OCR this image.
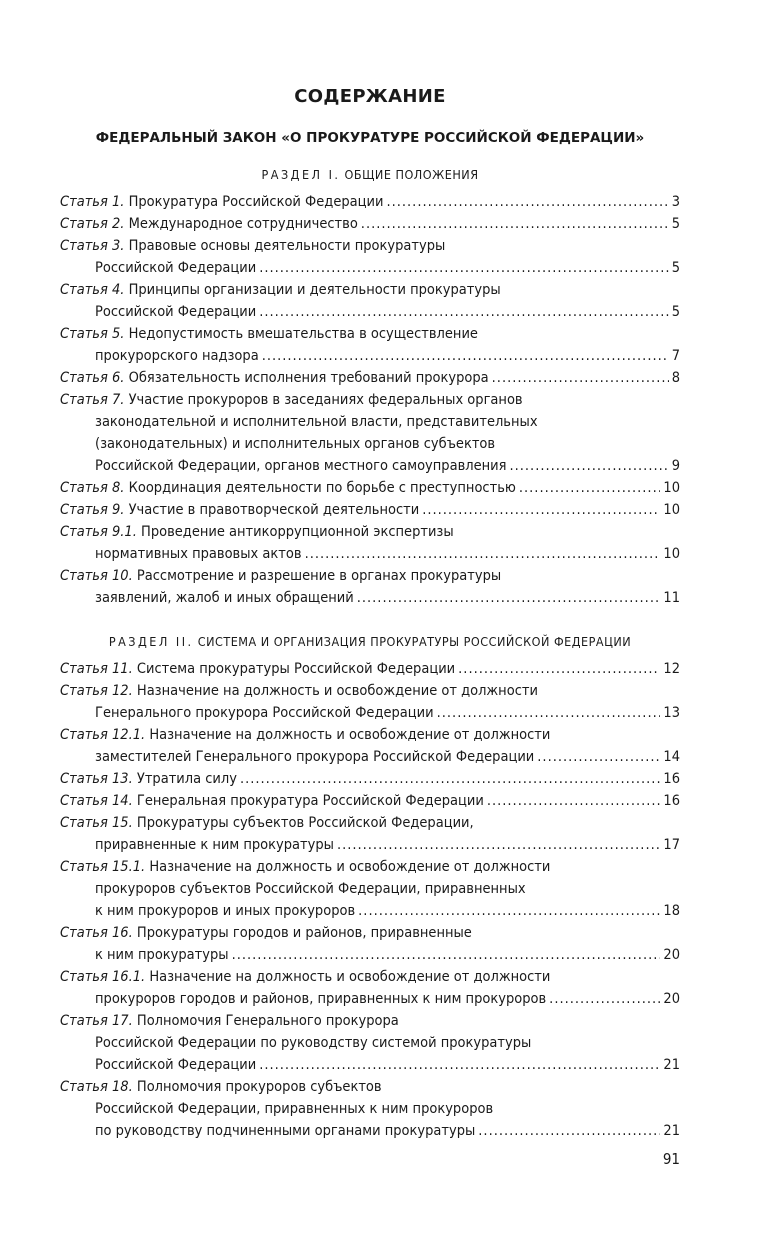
СОДЕРЖАНИЕ
ФЕДЕРАЛЬНЫЙ ЗАКОН «О ПРОКУРАТУРЕ РОССИЙСКОЙ ФЕДЕРАЦИИ»
РАЗДЕЛ I. ОБЩИЕ ПОЛОЖЕНИЯ
Статья 1. Прокуратура Российской Федерации .....	3
Статья 2. Международное сотрудничество .....	5
Статья 3. Правовые основы деятельности прокуратуры
Российской Федерации .....	5
Статья 4. Принципы организации и деятельности прокуратуры
Российской Федерации .....	5
Статья 5. Недопустимость вмешательства в осуществление
прокурорского надзора .....	7
Статья 6. Обязательность исполнения требований прокурора .....	8
Статья 7. Участие прокуроров в заседаниях федеральных органов
законодательной и исполнительной власти, представительных
(законодательных) и исполнительных органов субъектов
Российской Федерации, органов местного самоуправления .....	9
Статья 8. Координация деятельности по борьбе с преступностью .....	10
Статья 9. Участие в правотворческой деятельности .....	10
Статья 9.1. Проведение антикоррупционной экспертизы
нормативных правовых актов .....	10
Статья 10. Рассмотрение и разрешение в органах прокуратуры
заявлений, жалоб и иных обращений .....	11
РАЗДЕЛ II. СИСТЕМА И ОРГАНИЗАЦИЯ ПРОКУРАТУРЫ РОССИЙСКОЙ ФЕДЕРАЦИИ
Статья 11. Система прокуратуры Российской Федерации .....	12
Статья 12. Назначение на должность и освобождение от должности
Генерального прокурора Российской Федерации .....	13
Статья 12.1. Назначение на должность и освобождение от должности
заместителей Генерального прокурора Российской Федерации .....	14
Статья 13. Утратила силу .....	16
Статья 14. Генеральная прокуратура Российской Федерации .....	16
Статья 15. Прокуратуры субъектов Российской Федерации,
приравненные к ним прокуратуры .....	17
Статья 15.1. Назначение на должность и освобождение от должности
прокуроров субъектов Российской Федерации, приравненных
к ним прокуроров и иных прокуроров .....	18
Статья 16. Прокуратуры городов и районов, приравненные
к ним прокуратуры .....	20
Статья 16.1. Назначение на должность и освобождение от должности
прокуроров городов и районов, приравненных к ним прокуроров .....	20
Статья 17. Полномочия Генерального прокурора
Российской Федерации по руководству системой прокуратуры
Российской Федерации .....	21
Статья 18. Полномочия прокуроров субъектов
Российской Федерации, приравненных к ним прокуроров
по руководству подчиненными органами прокуратуры .....	21
91
